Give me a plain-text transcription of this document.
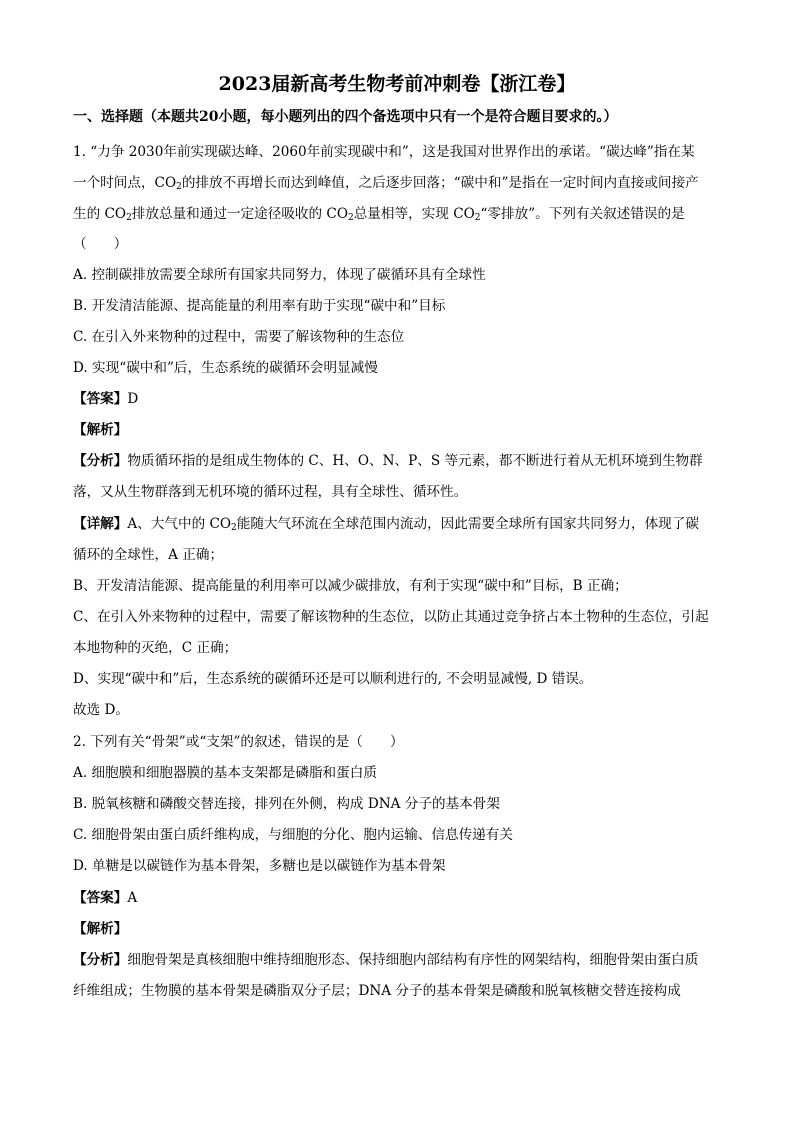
2023届新高考生物考前冲刺卷【浙江卷】
一、选择题（本题共20小题，每小题列出的四个备选项中只有一个是符合题目要求的。）
1. “力争 2030年前实现碳达峰、2060年前实现碳中和”，这是我国对世界作出的承诺。“碳达峰”指在某
一个时间点，$CO_2$的排放不再增长而达到峰值，之后逐步回落；“碳中和”是指在一定时间内直接或间接产
生的 $CO_2$排放总量和通过一定途径吸收的 $CO_2$总量相等，实现 $CO_2“$零排放”。下列有关叙述错误的是
（　　）
A. 控制碳排放需要全球所有国家共同努力，体现了碳循环具有全球性
B. 开发清洁能源、提高能量的利用率有助于实现“碳中和”目标
C. 在引入外来物种的过程中，需要了解该物种的生态位
D. 实现“碳中和”后，生态系统的碳循环会明显减慢
【答案】D
【解析】
【分析】物质循环指的是组成生物体的 C、H、O、N、P、S 等元素，都不断进行着从无机环境到生物群
落，又从生物群落到无机环境的循环过程，具有全球性、循环性。
【详解】A、大气中的 $CO_2$能随大气环流在全球范围内流动，因此需要全球所有国家共同努力，体现了碳
循环的全球性，A 正确；
B、开发清洁能源、提高能量的利用率可以减少碳排放，有利于实现“碳中和”目标，B 正确；
C、在引入外来物种的过程中，需要了解该物种的生态位，以防止其通过竞争挤占本土物种的生态位，引起
本地物种的灭绝，C 正确；
D、实现“碳中和”后，生态系统的碳循环还是可以顺利进行的, 不会明显减慢, D 错误。
故选 D。
2. 下列有关“骨架”或“支架”的叙述，错误的是（　　）
A. 细胞膜和细胞器膜的基本支架都是磷脂和蛋白质
B. 脱氧核糖和磷酸交替连接，排列在外侧，构成 DNA 分子的基本骨架
C. 细胞骨架由蛋白质纤维构成，与细胞的分化、胞内运输、信息传递有关
D. 单糖是以碳链作为基本骨架，多糖也是以碳链作为基本骨架
【答案】A
【解析】
【分析】细胞骨架是真核细胞中维持细胞形态、保持细胞内部结构有序性的网架结构，细胞骨架由蛋白质
纤维组成；生物膜的基本骨架是磷脂双分子层；DNA 分子的基本骨架是磷酸和脱氧核糖交替连接构成
